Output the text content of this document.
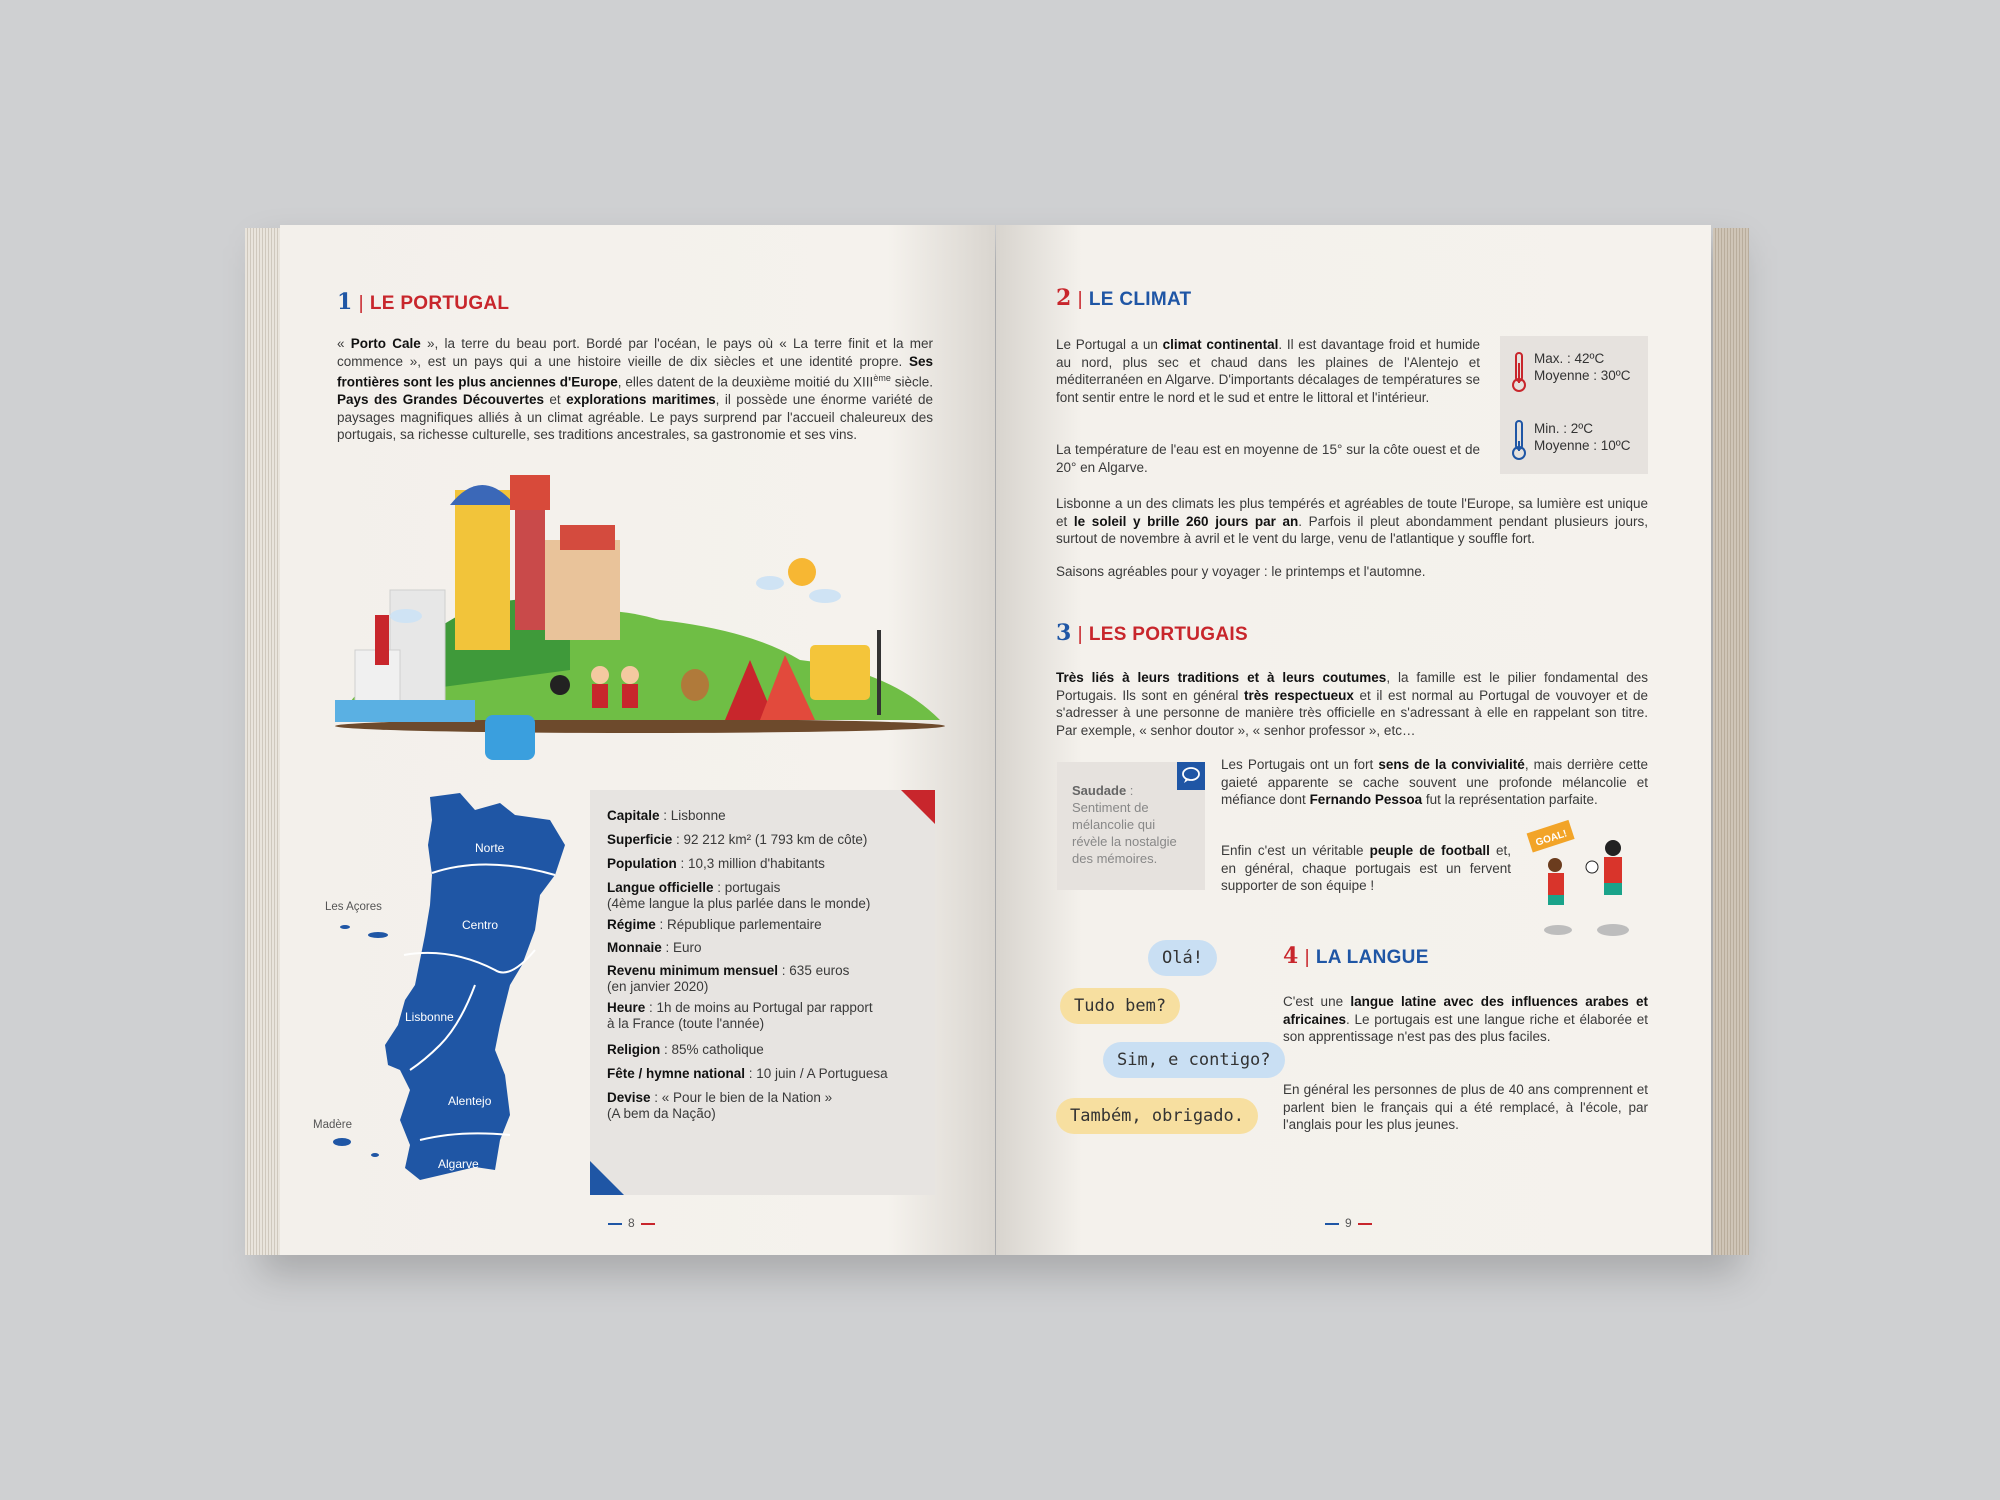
1 | LE PORTUGAL
« Porto Cale », la terre du beau port. Bordé par l'océan, le pays où « La terre finit et la mer commence », est un pays qui a une histoire vieille de dix siècles et une identité propre. Ses frontières sont les plus anciennes d'Europe, elles datent de la deuxième moitié du XIIIème siècle. Pays des Grandes Découvertes et explorations maritimes, il possède une énorme variété de paysages magnifiques alliés à un climat agréable. Le pays surprend par l'accueil chaleureux des portugais, sa richesse culturelle, ses traditions ancestrales, sa gastronomie et ses vins.
Norte
Centro
Lisbonne
Alentejo
Algarve
Les Açores
Madère
Capitale : Lisbonne
Superficie : 92 212 km² (1 793 km de côte)
Population : 10,3 million d'habitants
Langue officielle : portugais
(4ème langue la plus parlée dans le monde)
Régime : République parlementaire
Monnaie : Euro
Revenu minimum mensuel : 635 euros
(en janvier 2020)
Heure : 1h de moins au Portugal par rapport
à la France (toute l'année)
Religion : 85% catholique
Fête / hymne national : 10 juin / A Portuguesa
Devise : « Pour le bien de la Nation »
(A bem da Nação)
8
2 | LE CLIMAT
Le Portugal a un climat continental. Il est davantage froid et humide au nord, plus sec et chaud dans les plaines de l'Alentejo et méditerranéen en Algarve. D'importants décalages de températures se font sentir entre le nord et le sud et entre le littoral et l'intérieur.
La température de l'eau est en moyenne de 15° sur la côte ouest et de 20° en Algarve.
Lisbonne a un des climats les plus tempérés et agréables de toute l'Europe, sa lumière est unique et le soleil y brille 260 jours par an. Parfois il pleut abondamment pendant plusieurs jours, surtout de novembre à avril et le vent du large, venu de l'atlantique y souffle fort.
Saisons agréables pour y voyager : le printemps et l'automne.
Max. : 42ºC
Moyenne : 30ºC
Min. : 2ºC
Moyenne : 10ºC
3 | LES PORTUGAIS
Très liés à leurs traditions et à leurs coutumes, la famille est le pilier fondamental des Portugais. Ils sont en général très respectueux et il est normal au Portugal de vouvoyer et de s'adresser à une personne de manière très officielle en s'adressant à elle en rappelant son titre. Par exemple, « senhor doutor », « senhor professor », etc…
Saudade :
Sentiment de mélancolie qui révèle la nostalgie des mémoires.
Les Portugais ont un fort sens de la convivialité, mais derrière cette gaieté apparente se cache souvent une profonde mélancolie et méfiance dont Fernando Pessoa fut la représentation parfaite.
Enfin c'est un véritable peuple de football et, en général, chaque portugais est un fervent supporter de son équipe !
GOAL!
Olá!
Tudo bem?
Sim, e contigo?
Também, obrigado.
4 | LA LANGUE
C'est une langue latine avec des influences arabes et africaines. Le portugais est une langue riche et élaborée et son apprentissage n'est pas des plus faciles.
En général les personnes de plus de 40 ans comprennent et parlent bien le français qui a été remplacé, à l'école, par l'anglais pour les plus jeunes.
9
